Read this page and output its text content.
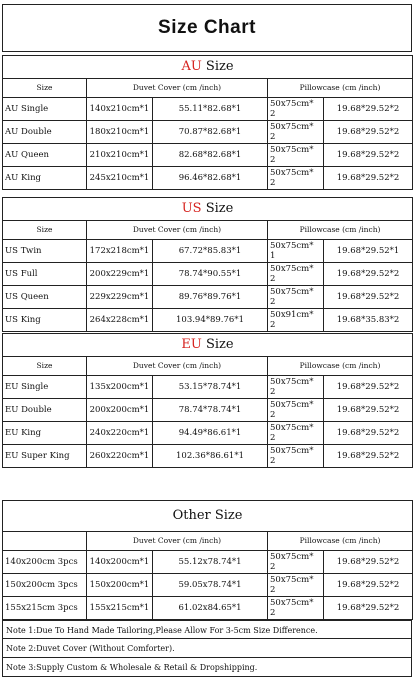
Size Chart
AU Size				
Size	Duvet Cover (cm /inch)		Pillowcase (cm /inch)	
AU Single	140x210cm*1	55.11*82.68*1	50x75cm* 2	19.68*29.52*2
AU Double	180x210cm*1	70.87*82.68*1	50x75cm* 2	19.68*29.52*2
AU Queen	210x210cm*1	82.68*82.68*1	50x75cm* 2	19.68*29.52*2
AU King	245x210cm*1	96.46*82.68*1	50x75cm* 2	19.68*29.52*2
US Size				
Size	Duvet Cover (cm /inch)		Pillowcase (cm /inch)	
US Twin	172x218cm*1	67.72*85.83*1	50x75cm* 1	19.68*29.52*1
US Full	200x229cm*1	78.74*90.55*1	50x75cm* 2	19.68*29.52*2
US Queen	229x229cm*1	89.76*89.76*1	50x75cm* 2	19.68*29.52*2
US King	264x228cm*1	103.94*89.76*1	50x91cm* 2	19.68*35.83*2
EU Size				
Size	Duvet Cover (cm /inch)		Pillowcase (cm /inch)	
EU Single	135x200cm*1	53.15*78.74*1	50x75cm* 2	19.68*29.52*2
EU Double	200x200cm*1	78.74*78.74*1	50x75cm* 2	19.68*29.52*2
EU King	240x220cm*1	94.49*86.61*1	50x75cm* 2	19.68*29.52*2
EU Super King	260x220cm*1	102.36*86.61*1	50x75cm* 2	19.68*29.52*2
Other Size				
	Duvet Cover (cm /inch)		Pillowcase (cm /inch)	
140x200cm 3pcs	140x200cm*1	55.12x78.74*1	50x75cm* 2	19.68*29.52*2
150x200cm 3pcs	150x200cm*1	59.05x78.74*1	50x75cm* 2	19.68*29.52*2
155x215cm 3pcs	155x215cm*1	61.02x84.65*1	50x75cm* 2	19.68*29.52*2
Note 1:Due To Hand Made Tailoring,Please Allow For 3-5cm Size Difference.
Note 2:Duvet Cover (Without Comforter).
Note 3:Supply Custom & Wholesale & Retail & Dropshipping.
